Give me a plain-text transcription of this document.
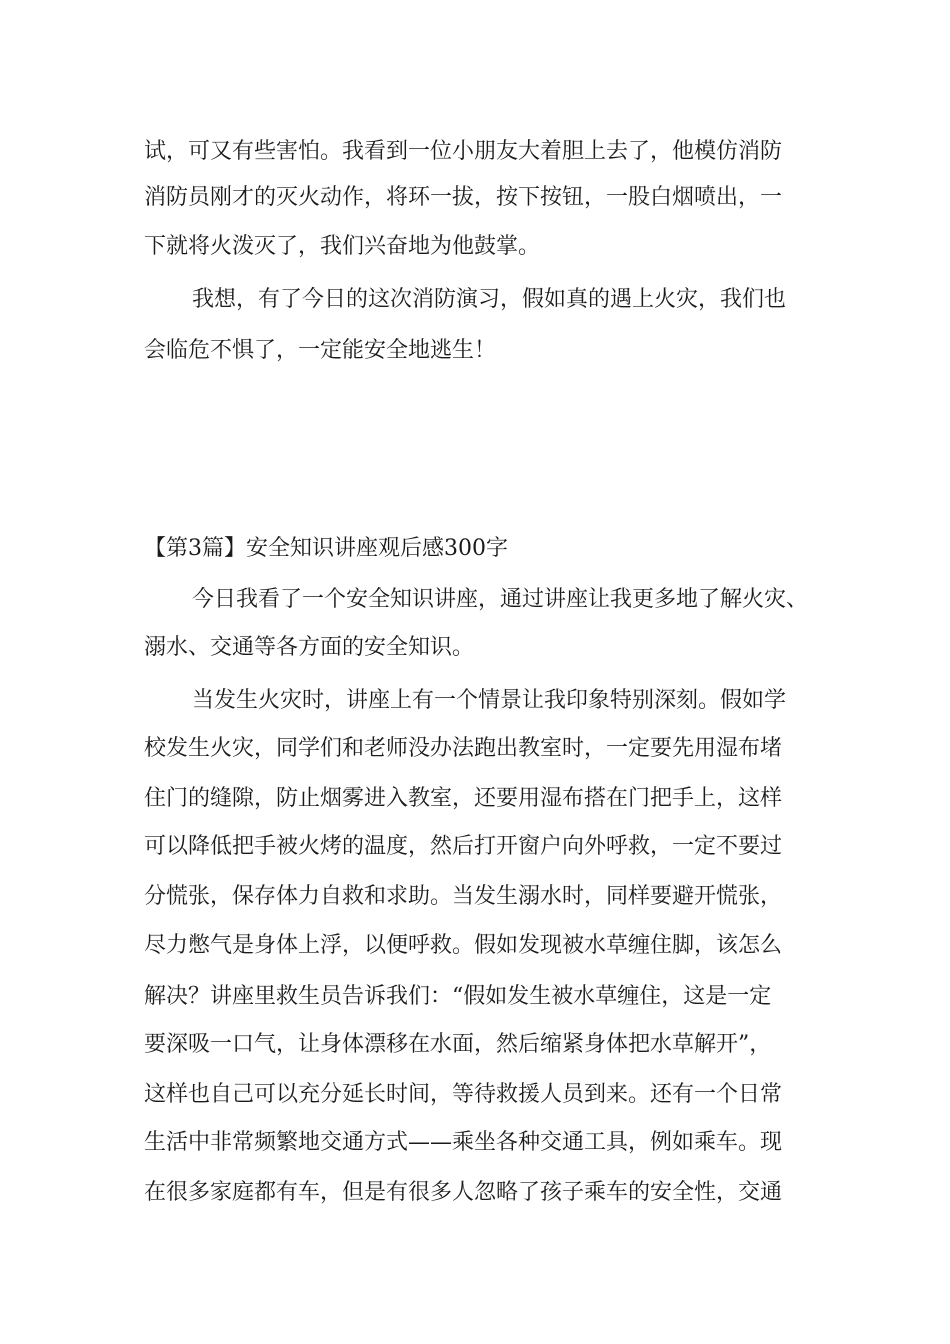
试，可又有些害怕。我看到一位小朋友大着胆上去了，他模仿消防
消防员刚才的灭火动作，将环一拔，按下按钮，一股白烟喷出，一
下就将火泼灭了，我们兴奋地为他鼓掌。
我想，有了今日的这次消防演习，假如真的遇上火灾，我们也
会临危不惧了，一定能安全地逃生！
【第3篇】安全知识讲座观后感300字
今日我看了一个安全知识讲座，通过讲座让我更多地了解火灾、
溺水、交通等各方面的安全知识。
当发生火灾时，讲座上有一个情景让我印象特别深刻。假如学
校发生火灾，同学们和老师没办法跑出教室时，一定要先用湿布堵
住门的缝隙，防止烟雾进入教室，还要用湿布搭在门把手上，这样
可以降低把手被火烤的温度，然后打开窗户向外呼救，一定不要过
分慌张，保存体力自救和求助。当发生溺水时，同样要避开慌张，
尽力憋气是身体上浮，以便呼救。假如发现被水草缠住脚，该怎么
解决？讲座里救生员告诉我们：“假如发生被水草缠住，这是一定
要深吸一口气，让身体漂移在水面，然后缩紧身体把水草解开”，
这样也自己可以充分延长时间，等待救援人员到来。还有一个日常
生活中非常频繁地交通方式——乘坐各种交通工具，例如乘车。现
在很多家庭都有车，但是有很多人忽略了孩子乘车的安全性，交通
